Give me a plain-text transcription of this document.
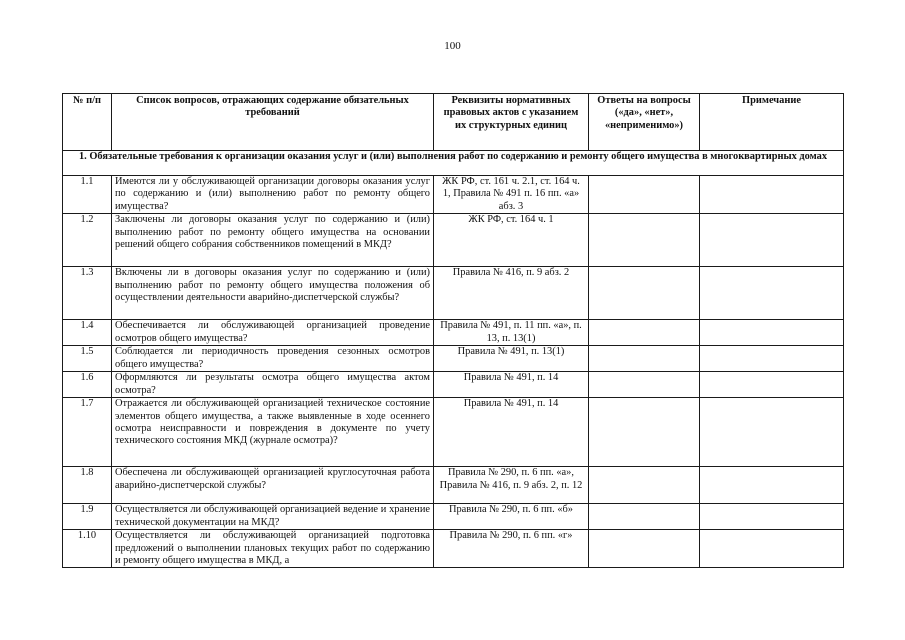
100
№ п/п	Список вопросов, отражающих содержание обязательных требований	Реквизиты нормативных правовых актов с указанием их структурных единиц	Ответы на вопросы («да», «нет», «неприменимо»)	Примечание
1. Обязательные требования к организации оказания услуг и (или) выполнения работ по содержанию и ремонту общего имущества в многоквартирных домах				
1.1	Имеются ли у обслуживающей организации договоры оказания услуг по содержанию и (или) выполнению работ по ремонту общего имущества?	ЖК РФ, ст. 161 ч. 2.1, ст. 164 ч. 1, Правила № 491 п. 16 пп. «а» абз. 3		
1.2	Заключены ли договоры оказания услуг по содержанию и (или) выполнению работ по ремонту общего имущества на основании решений общего собрания собственников помещений в МКД?	ЖК РФ, ст. 164 ч. 1		
1.3	Включены ли в договоры оказания услуг по содержанию и (или) выполнению работ по ремонту общего имущества положения об осуществлении деятельности аварийно-диспетчерской службы?	Правила № 416, п. 9 абз. 2		
1.4	Обеспечивается ли обслуживающей организацией проведение осмотров общего имущества?	Правила № 491, п. 11 пп. «а», п. 13, п. 13(1)		
1.5	Соблюдается ли периодичность проведения сезонных осмотров общего имущества?	Правила № 491, п. 13(1)		
1.6	Оформляются ли результаты осмотра общего имущества актом осмотра?	Правила № 491, п. 14		
1.7	Отражается ли обслуживающей организацией техническое состояние элементов общего имущества, а также выявленные в ходе осеннего осмотра неисправности и повреждения в документе по учету технического состояния МКД (журнале осмотра)?	Правила № 491, п. 14		
1.8	Обеспечена ли обслуживающей организацией круглосуточная работа аварийно-диспетчерской службы?	Правила № 290, п. 6 пп. «а», Правила № 416, п. 9 абз. 2, п. 12		
1.9	Осуществляется ли обслуживающей организацией ведение и хранение технической документации на МКД?	Правила № 290, п. 6 пп. «б»		
1.10	Осуществляется ли обслуживающей организацией подготовка предложений о выполнении плановых текущих работ по содержанию и ремонту общего имущества в МКД, а	Правила № 290, п. 6 пп. «г»		
